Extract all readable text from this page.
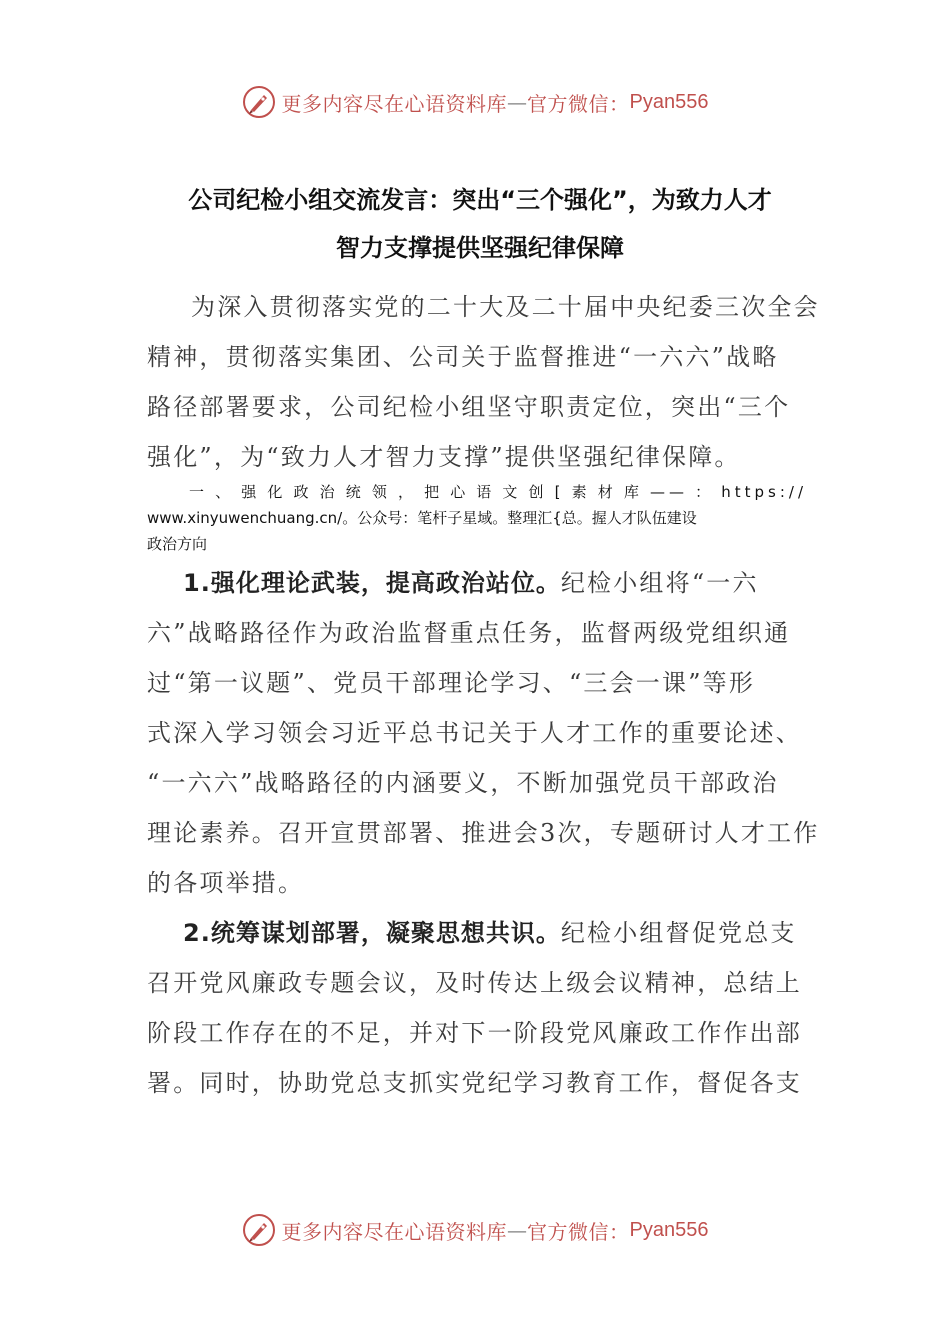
更多内容尽在心语资料库 — 官方微信： Pyan556
公司纪检小组交流发言：突出“三个强化”，为致力人才
智力支撑提供坚强纪律保障
为深入贯彻落实党的二十大及二十届中央纪委三次全会
精神，贯彻落实集团、公司关于监督推进“一六六”战略
路径部署要求，公司纪检小组坚守职责定位，突出“三个
强化”，为“致力人才智力支撑”提供坚强纪律保障。
一、强化政治统领，把心语文创[素材库——：https://
www.xinyuwenchuang.cn/。公众号：笔杆子星域。整理汇{总。握人才队伍建设
政治方向
1.强化理论武装，提高政治站位。纪检小组将“一六
六”战略路径作为政治监督重点任务，监督两级党组织通
过“第一议题”、党员干部理论学习、“三会一课”等形
式深入学习领会习近平总书记关于人才工作的重要论述、
“一六六”战略路径的内涵要义，不断加强党员干部政治
理论素养。召开宣贯部署、推进会3次，专题研讨人才工作
的各项举措。
2.统筹谋划部署，凝聚思想共识。纪检小组督促党总支
召开党风廉政专题会议，及时传达上级会议精神，总结上
阶段工作存在的不足，并对下一阶段党风廉政工作作出部
署。同时，协助党总支抓实党纪学习教育工作，督促各支
更多内容尽在心语资料库 — 官方微信： Pyan556
